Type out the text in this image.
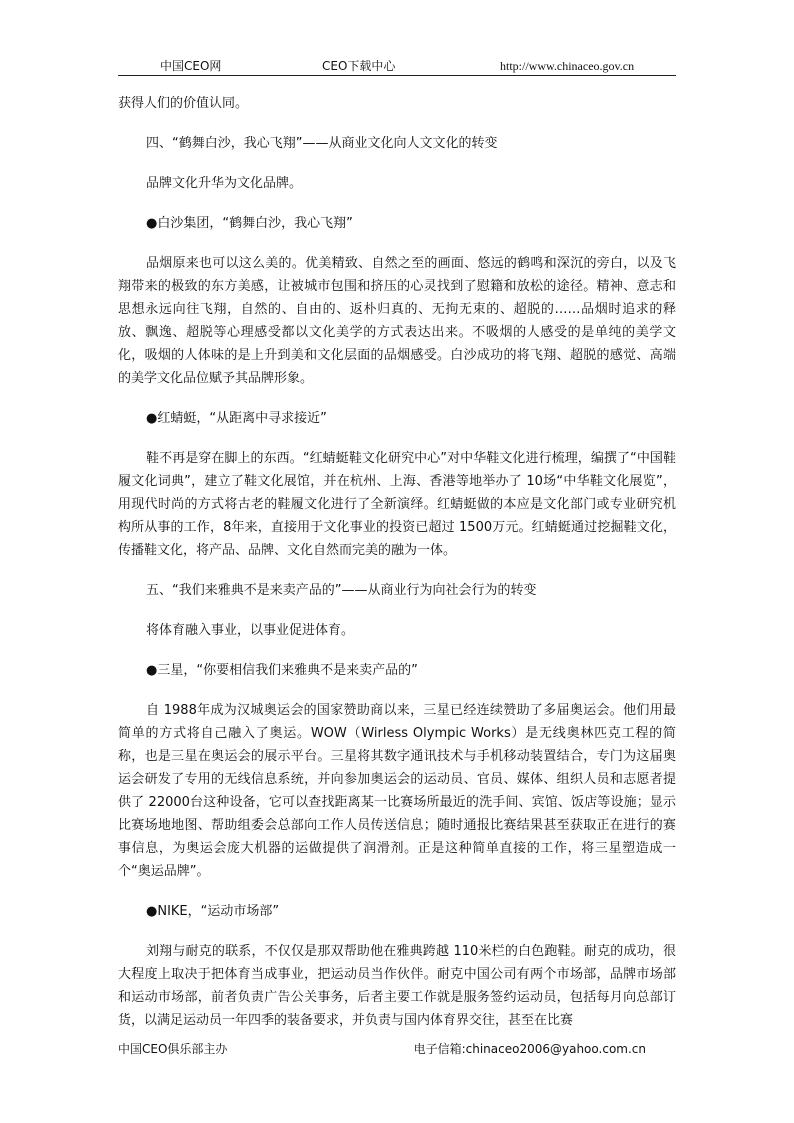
中国CEO网	CEO下载中心	http://www.chinaceo.gov.cn

获得人们的价值认同。

四、“鹤舞白沙，我心飞翔”——从商业文化向人文文化的转变

品牌文化升华为文化品牌。

●白沙集团，“鹤舞白沙，我心飞翔”

品烟原来也可以这么美的。优美精致、自然之至的画面、悠远的鹤鸣和深沉的旁白，以及飞翔带来的极致的东方美感，让被城市包围和挤压的心灵找到了慰籍和放松的途径。精神、意志和思想永远向往飞翔，自然的、自由的、返朴归真的、无拘无束的、超脱的……品烟时追求的释放、飘逸、超脱等心理感受都以文化美学的方式表达出来。不吸烟的人感受的是单纯的美学文化，吸烟的人体味的是上升到美和文化层面的品烟感受。白沙成功的将飞翔、超脱的感觉、高端的美学文化品位赋予其品牌形象。

●红蜻蜓，“从距离中寻求接近”

鞋不再是穿在脚上的东西。“红蜻蜓鞋文化研究中心”对中华鞋文化进行梳理，编撰了“中国鞋履文化词典”，建立了鞋文化展馆，并在杭州、上海、香港等地举办了 10场“中华鞋文化展览”，用现代时尚的方式将古老的鞋履文化进行了全新演绎。红蜻蜓做的本应是文化部门或专业研究机构所从事的工作，8年来，直接用于文化事业的投资已超过 1500万元。红蜻蜓通过挖掘鞋文化，传播鞋文化，将产品、品牌、文化自然而完美的融为一体。

五、“我们来雅典不是来卖产品的”——从商业行为向社会行为的转变

将体育融入事业，以事业促进体育。

●三星，“你要相信我们来雅典不是来卖产品的”

自 1988年成为汉城奥运会的国家赞助商以来，三星已经连续赞助了多届奥运会。他们用最简单的方式将自己融入了奥运。WOW（Wirless Olympic Works）是无线奥林匹克工程的简称，也是三星在奥运会的展示平台。三星将其数字通讯技术与手机移动装置结合，专门为这届奥运会研发了专用的无线信息系统，并向参加奥运会的运动员、官员、媒体、组织人员和志愿者提供了 22000台这种设备，它可以查找距离某一比赛场所最近的洗手间、宾馆、饭店等设施；显示比赛场地地图、帮助组委会总部向工作人员传送信息；随时通报比赛结果甚至获取正在进行的赛事信息，为奥运会庞大机器的运做提供了润滑剂。正是这种简单直接的工作，将三星塑造成一个“奥运品牌”。

●NIKE，“运动市场部”

刘翔与耐克的联系，不仅仅是那双帮助他在雅典跨越 110米栏的白色跑鞋。耐克的成功，很大程度上取决于把体育当成事业，把运动员当作伙伴。耐克中国公司有两个市场部，品牌市场部和运动市场部，前者负责广告公关事务，后者主要工作就是服务签约运动员，包括每月向总部订货，以满足运动员一年四季的装备要求，并负责与国内体育界交往，甚至在比赛

中国CEO俱乐部主办	电子信箱:chinaceo2006@yahoo.com.cn
